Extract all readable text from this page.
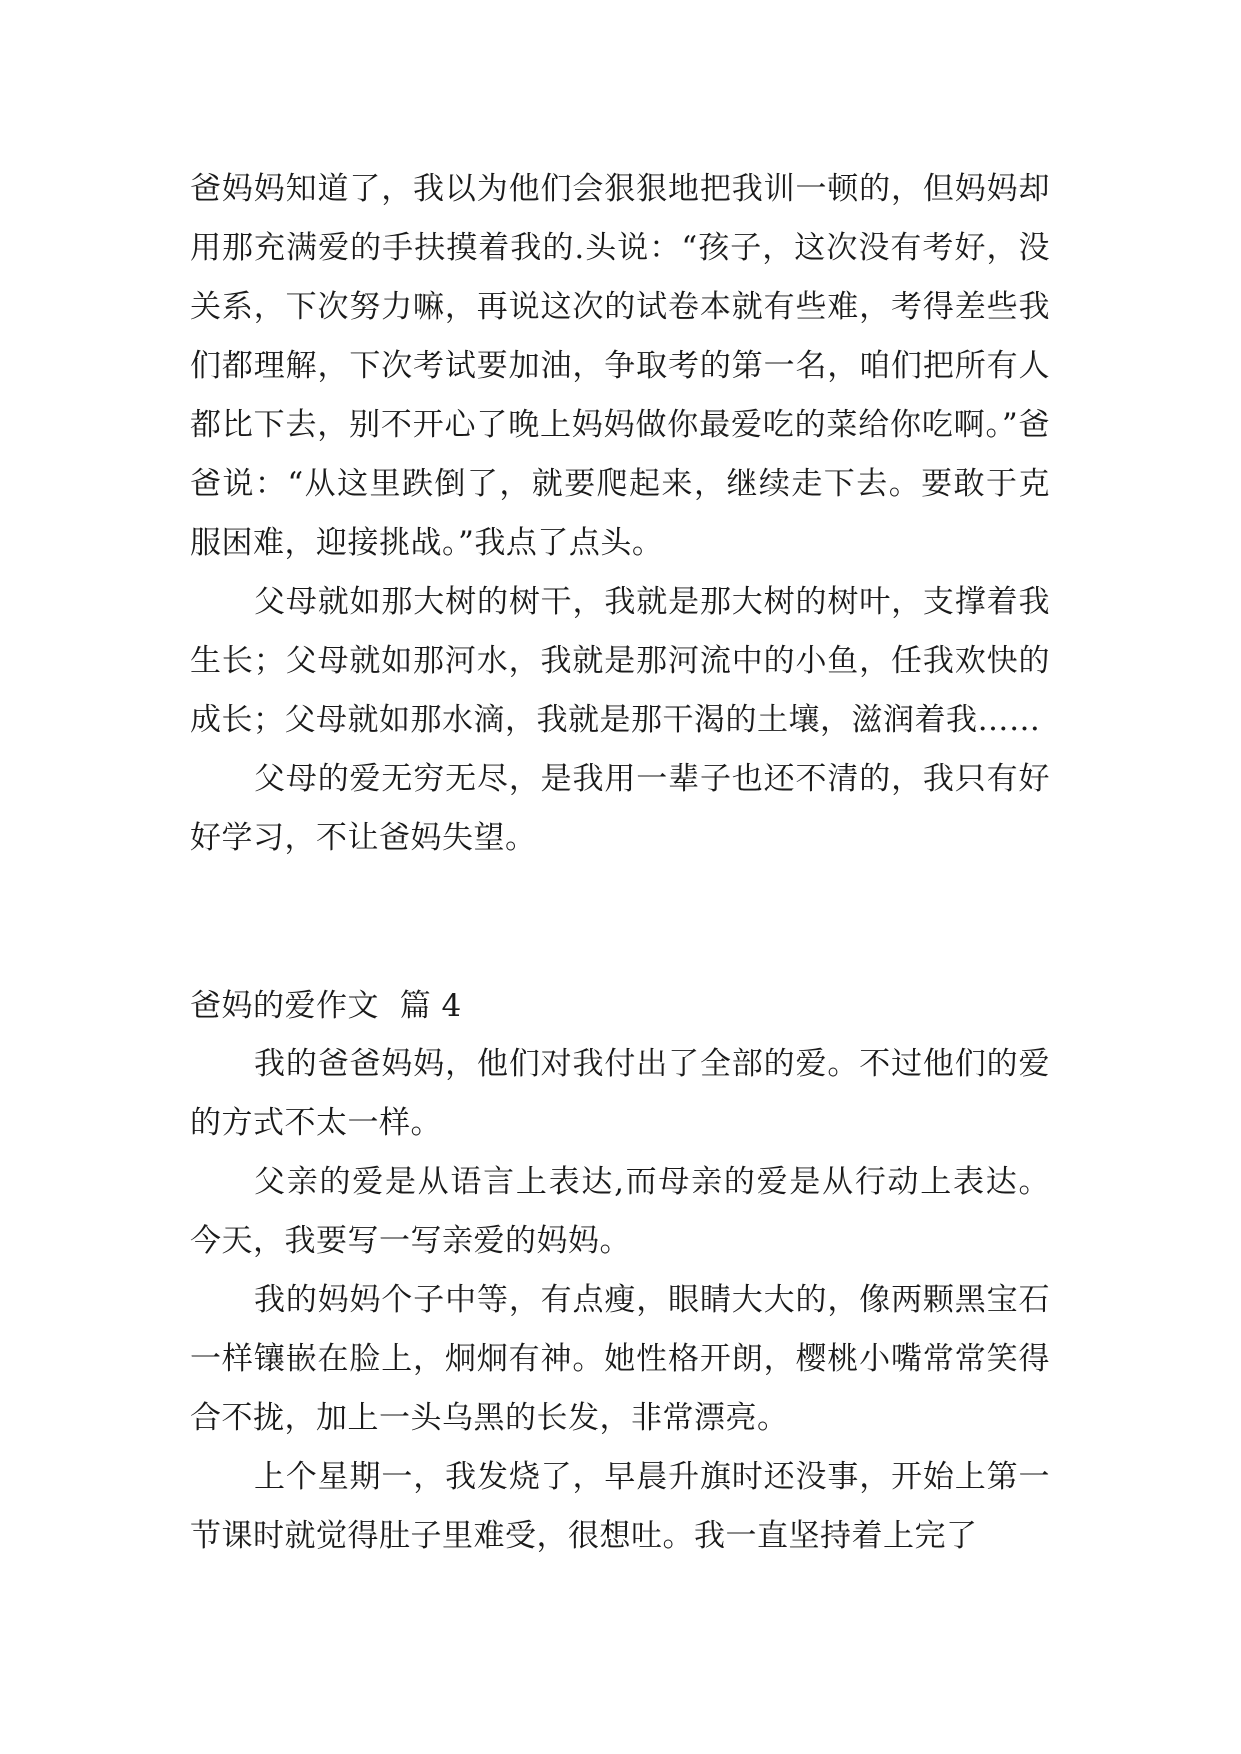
爸妈妈知道了，我以为他们会狠狠地把我训一顿的，但妈妈却用那充满爱的手扶摸着我的.头说：“孩子，这次没有考好，没关系，下次努力嘛，再说这次的试卷本就有些难，考得差些我们都理解，下次考试要加油，争取考的第一名，咱们把所有人都比下去，别不开心了晚上妈妈做你最爱吃的菜给你吃啊。”爸爸说：“从这里跌倒了，就要爬起来，继续走下去。要敢于克服困难，迎接挑战。”我点了点头。

父母就如那大树的树干，我就是那大树的树叶，支撑着我生长；父母就如那河水，我就是那河流中的小鱼，任我欢快的成长；父母就如那水滴，我就是那干渴的土壤，滋润着我……

父母的爱无穷无尽，是我用一辈子也还不清的，我只有好好学习，不让爸妈失望。

爸妈的爱作文  篇 4

我的爸爸妈妈，他们对我付出了全部的爱。不过他们的爱的方式不太一样。

父亲的爱是从语言上表达,而母亲的爱是从行动上表达。今天，我要写一写亲爱的妈妈。

我的妈妈个子中等，有点瘦，眼睛大大的，像两颗黑宝石一样镶嵌在脸上，炯炯有神。她性格开朗，樱桃小嘴常常笑得合不拢，加上一头乌黑的长发，非常漂亮。

上个星期一，我发烧了，早晨升旗时还没事，开始上第一节课时就觉得肚子里难受，很想吐。我一直坚持着上完了
